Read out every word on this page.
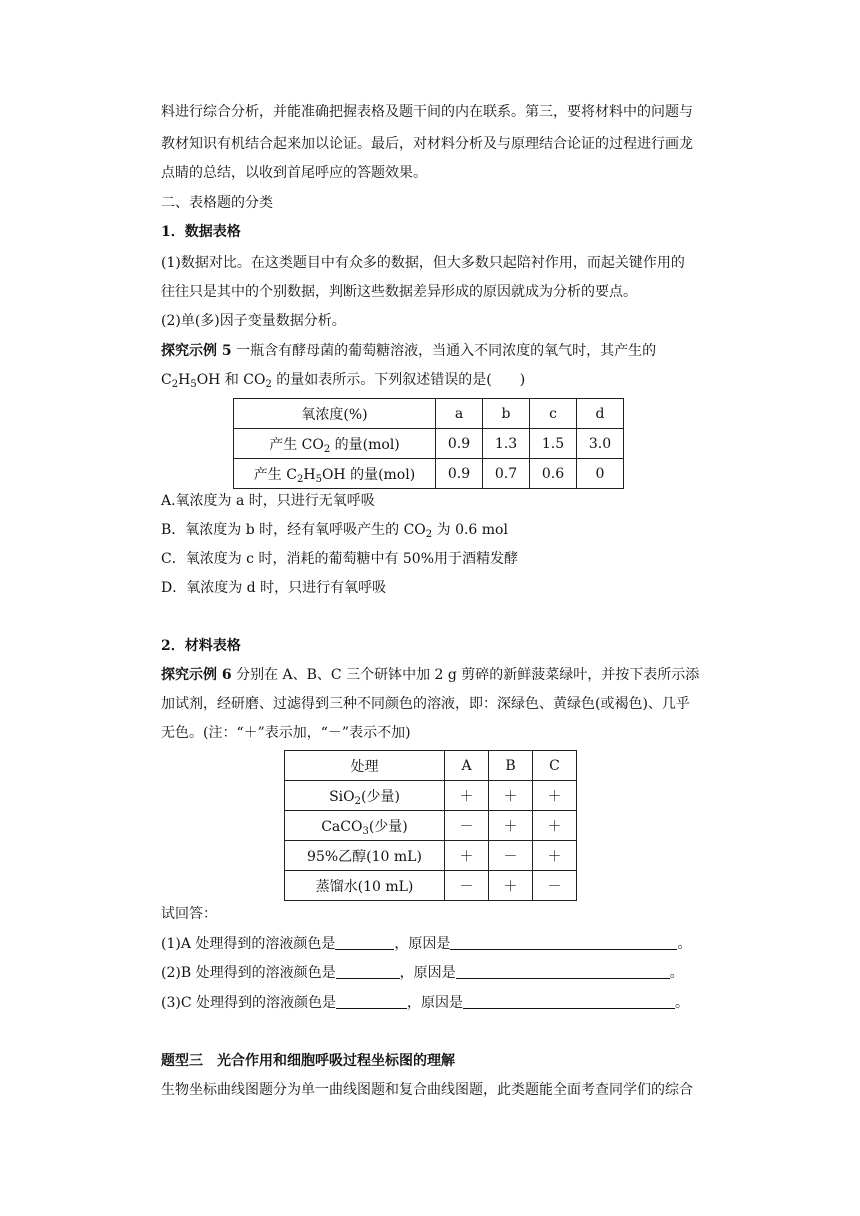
料进行综合分析，并能准确把握表格及题干间的内在联系。第三，要将材料中的问题与
教材知识有机结合起来加以论证。最后，对材料分析及与原理结合论证的过程进行画龙
点睛的总结，以收到首尾呼应的答题效果。
二、表格题的分类
1．数据表格
(1)数据对比。在这类题目中有众多的数据，但大多数只起陪衬作用，而起关键作用的
往往只是其中的个别数据，判断这些数据差异形成的原因就成为分析的要点。
(2)单(多)因子变量数据分析。
探究示例 5 一瓶含有酵母菌的葡萄糖溶液，当通入不同浓度的氧气时，其产生的
$C_2H_5OH$ 和 $CO_2$ 的量如表所示。下列叙述错误的是(　　)
氧浓度(%)	a	b	c	d
产生 $CO_2$ 的量(mol)	0.9	1.3	1.5	3.0
产生 $C_2H_5OH$ 的量(mol)	0.9	0.7	0.6	0
A.氧浓度为 a 时，只进行无氧呼吸
B．氧浓度为 b 时，经有氧呼吸产生的 $CO_2$ 为 0.6 mol
C．氧浓度为 c 时，消耗的葡萄糖中有 50%用于酒精发酵
D．氧浓度为 d 时，只进行有氧呼吸
2．材料表格
探究示例 6 分别在 A、B、C 三个研钵中加 2 g 剪碎的新鲜菠菜绿叶，并按下表所示添
加试剂，经研磨、过滤得到三种不同颜色的溶液，即：深绿色、黄绿色(或褐色)、几乎
无色。(注：“＋”表示加，“－”表示不加)
处理	A	B	C
SiO$_2$(少量)	＋	＋	＋
CaCO$_3$(少量)	－	＋	＋
95%乙醇(10 mL)	＋	－	＋
蒸馏水(10 mL)	－	＋	－
试回答：
(1)A 处理得到的溶液颜色是	，原因是	。
(2)B 处理得到的溶液颜色是	，原因是	。
(3)C 处理得到的溶液颜色是	，原因是	。
题型三　光合作用和细胞呼吸过程坐标图的理解
生物坐标曲线图题分为单一曲线图题和复合曲线图题，此类题能全面考查同学们的综合
